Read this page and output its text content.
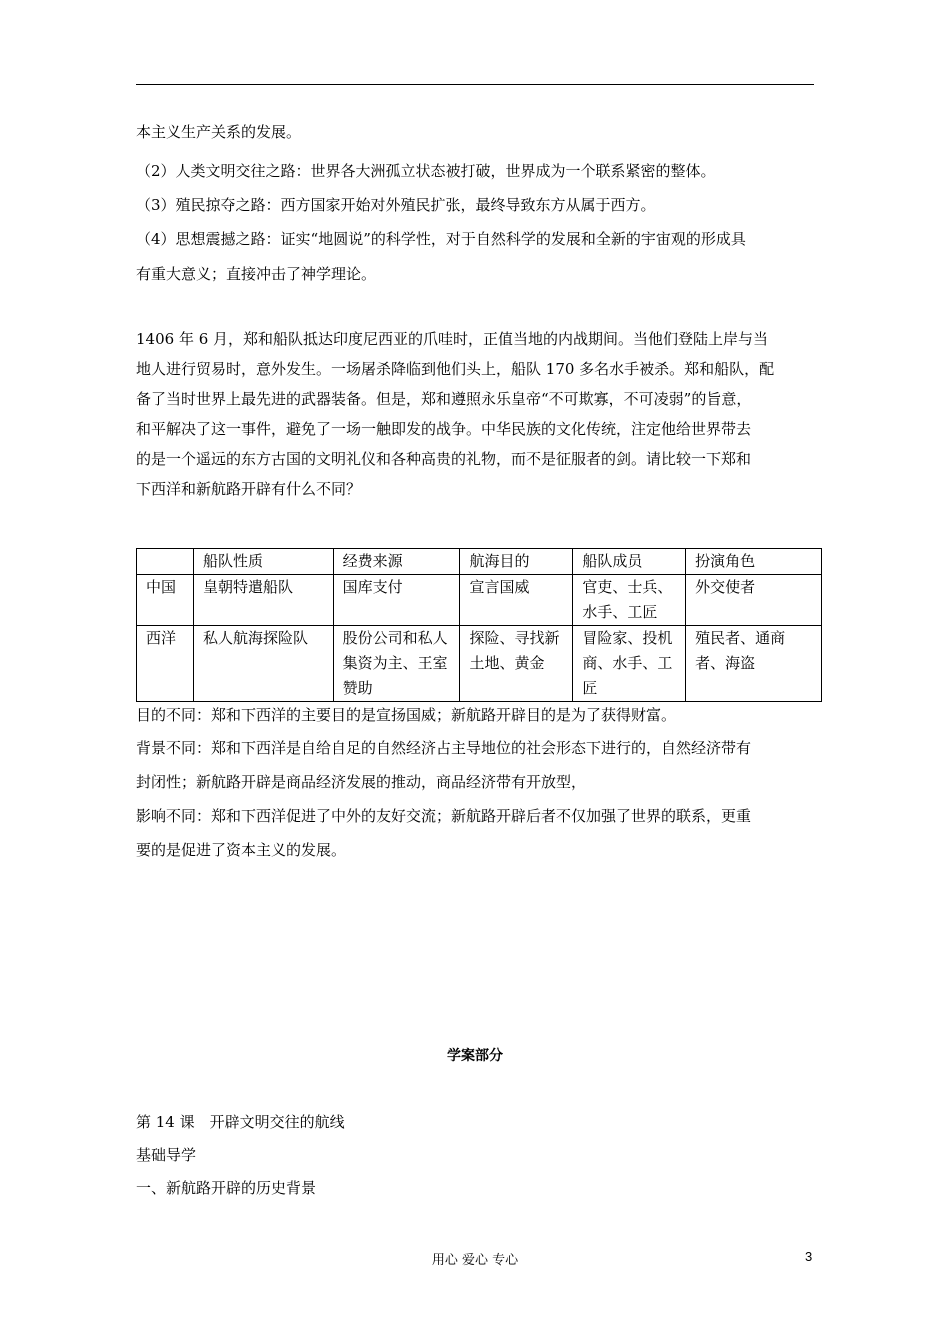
本主义生产关系的发展。
（2）人类文明交往之路：世界各大洲孤立状态被打破，世界成为一个联系紧密的整体。
（3）殖民掠夺之路：西方国家开始对外殖民扩张，最终导致东方从属于西方。
（4）思想震撼之路：证实“地圆说”的科学性，对于自然科学的发展和全新的宇宙观的形成具
有重大意义；直接冲击了神学理论。
1406 年 6 月，郑和船队抵达印度尼西亚的爪哇时，正值当地的内战期间。当他们登陆上岸与当
地人进行贸易时，意外发生。一场屠杀降临到他们头上，船队 170 多名水手被杀。郑和船队，配
备了当时世界上最先进的武器装备。但是，郑和遵照永乐皇帝“不可欺寡，不可凌弱”的旨意，
和平解决了这一事件，避免了一场一触即发的战争。中华民族的文化传统，注定他给世界带去
的是一个遥远的东方古国的文明礼仪和各种高贵的礼物，而不是征服者的剑。请比较一下郑和
下西洋和新航路开辟有什么不同？
	船队性质	经费来源	航海目的	船队成员	扮演角色
中国	皇朝特遣船队	国库支付	宣言国威	官吏、士兵、水手、工匠	外交使者
西洋	私人航海探险队	股份公司和私人集资为主、王室赞助	探险、寻找新土地、黄金	冒险家、投机商、水手、工匠	殖民者、通商者、海盗
目的不同：郑和下西洋的主要目的是宣扬国威；新航路开辟目的是为了获得财富。
背景不同：郑和下西洋是自给自足的自然经济占主导地位的社会形态下进行的，自然经济带有
封闭性；新航路开辟是商品经济发展的推动，商品经济带有开放型，
影响不同：郑和下西洋促进了中外的友好交流；新航路开辟后者不仅加强了世界的联系，更重
要的是促进了资本主义的发展。
学案部分
第 14 课　开辟文明交往的航线
基础导学
一、新航路开辟的历史背景
用心 爱心 专心	3
